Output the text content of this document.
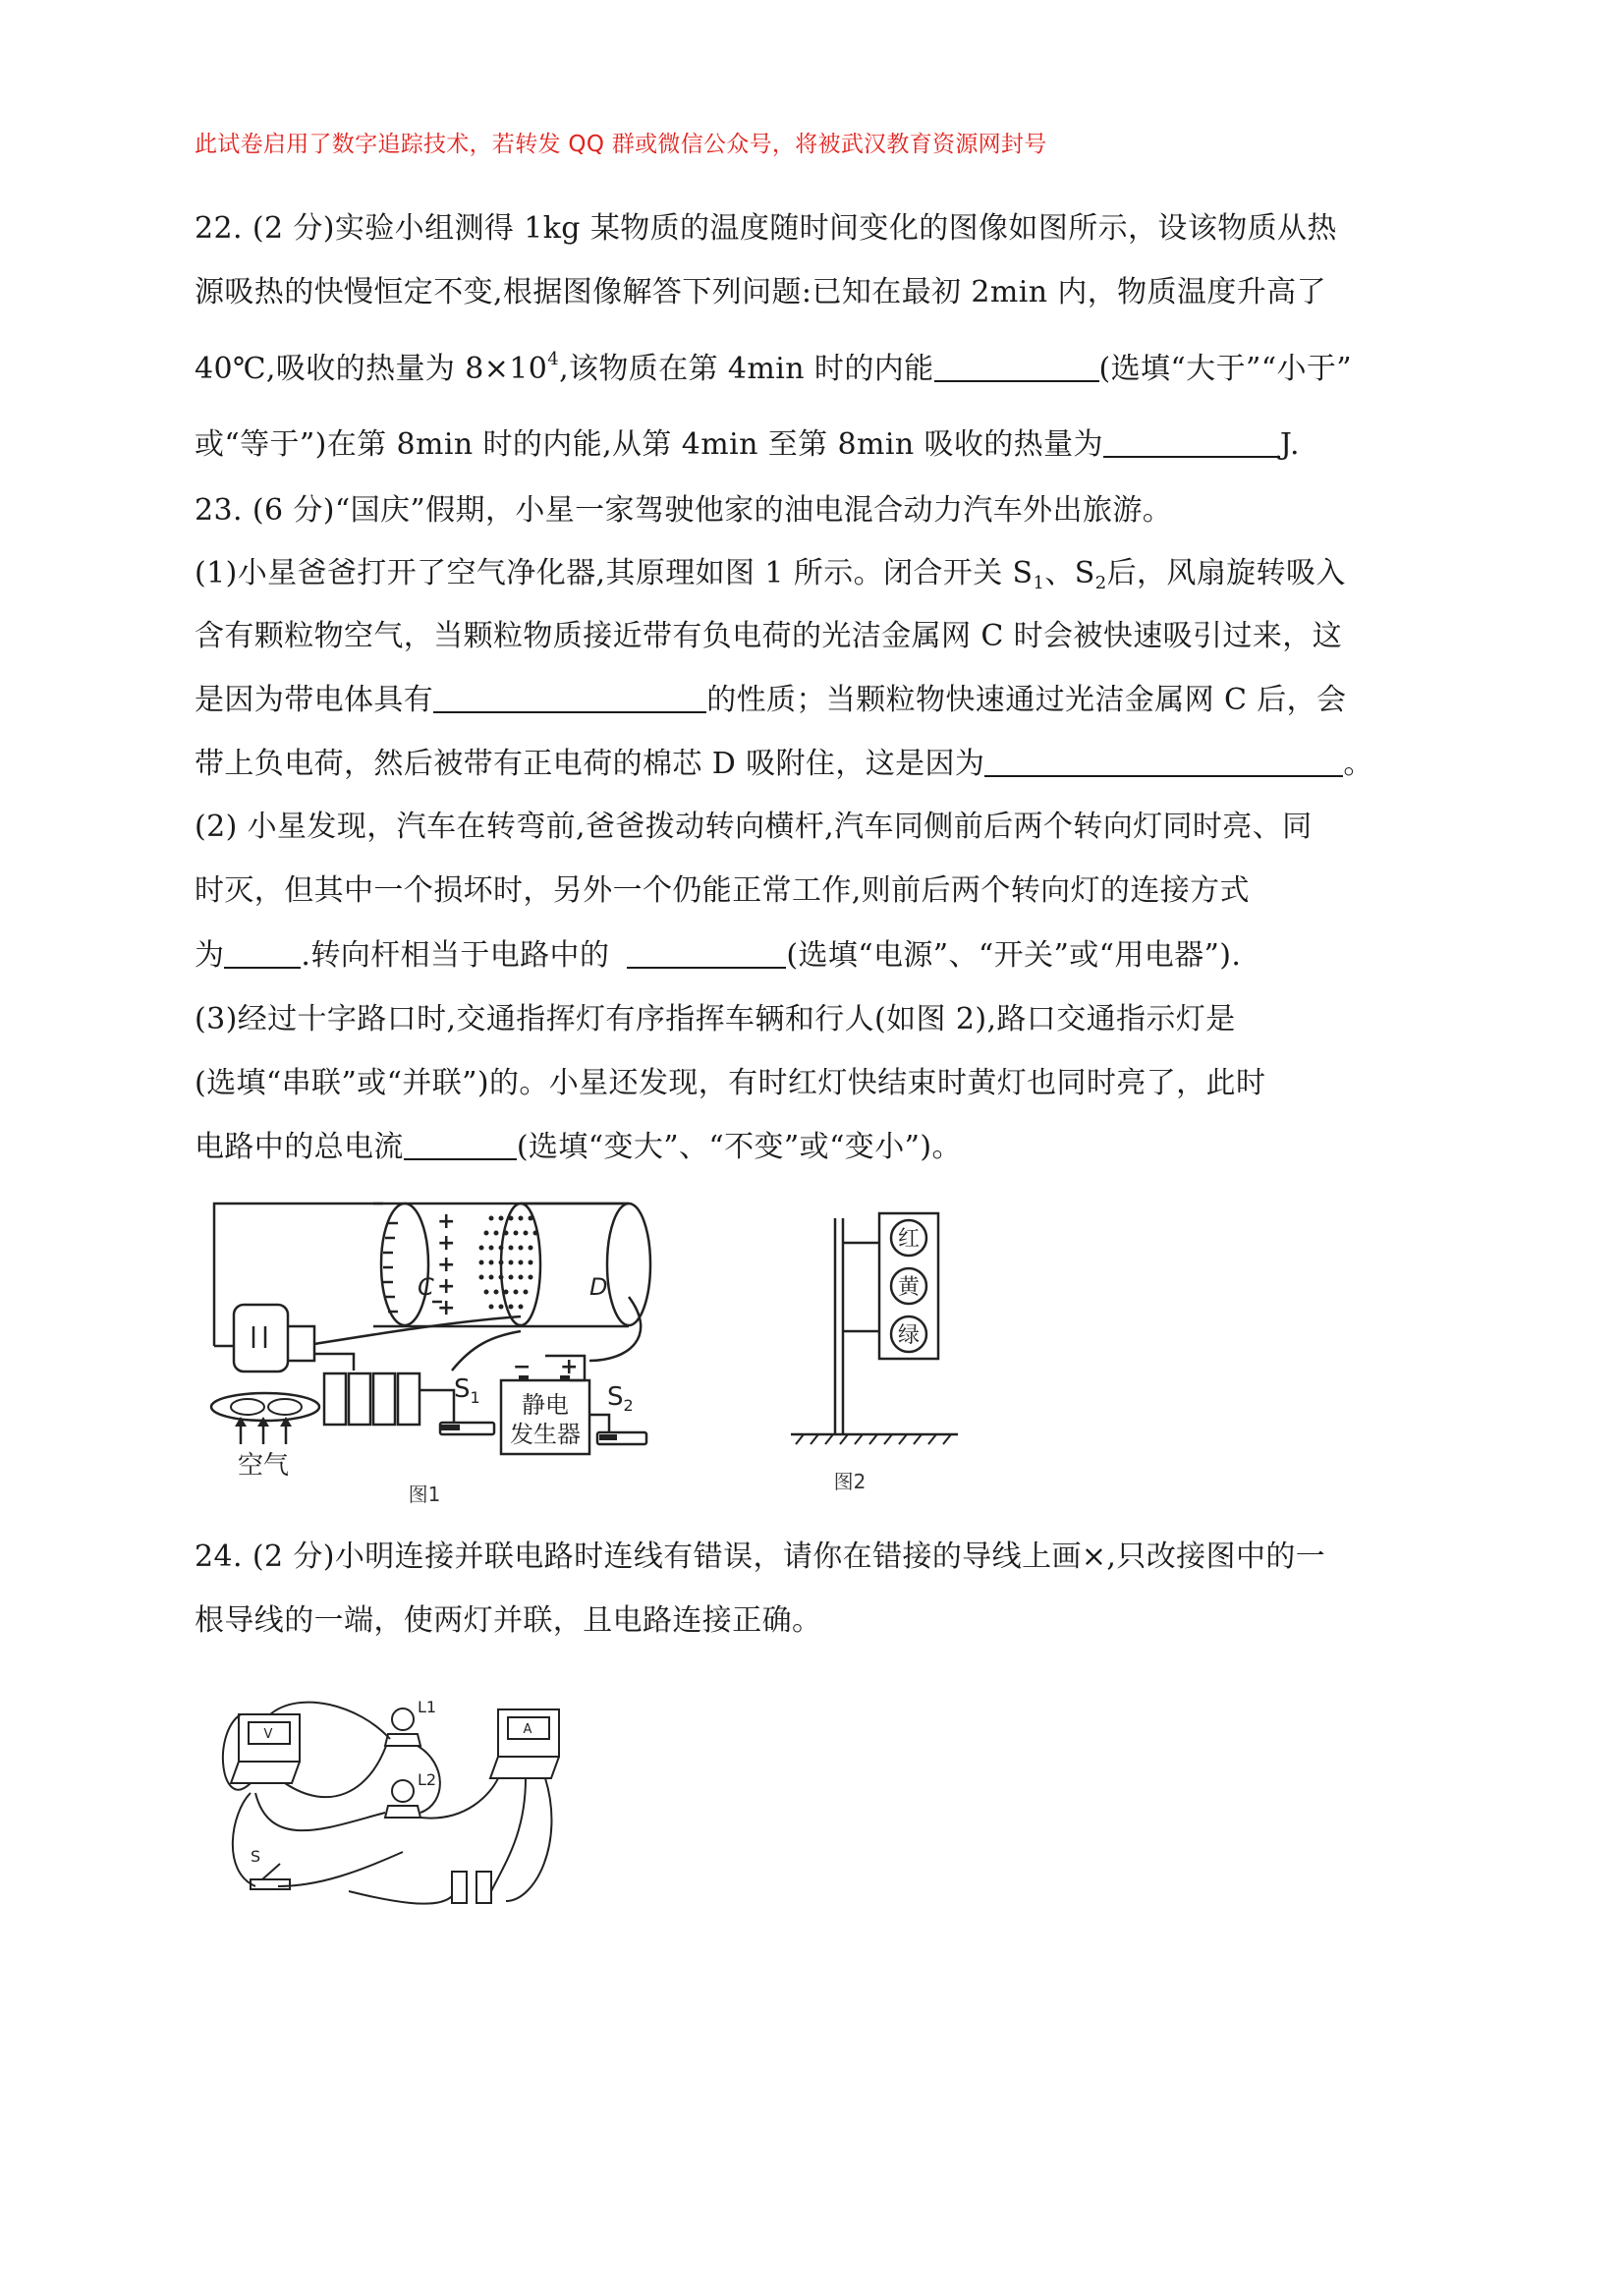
此试卷启用了数字追踪技术，若转发 QQ 群或微信公众号，将被武汉教育资源网封号
22. (2 分)实验小组测得 1kg 某物质的温度随时间变化的图像如图所示，设该物质从热
源吸热的快慢恒定不变,根据图像解答下列问题:已知在最初 2min 内，物质温度升高了
40℃,吸收的热量为 $8\times 10^4$,该物质在第 4min 时的内能	(选填“大于”“小于”
或“等于”)在第 8min 时的内能,从第 4min 至第 8min 吸收的热量为	J.
23. (6 分)“国庆”假期，小星一家驾驶他家的油电混合动力汽车外出旅游。
(1)小星爸爸打开了空气净化器,其原理如图 1 所示。闭合开关 $S_1$、$S_2$后，风扇旋转吸入
含有颗粒物空气，当颗粒物质接近带有负电荷的光洁金属网 C 时会被快速吸引过来，这
是因为带电体具有	的性质；当颗粒物快速通过光洁金属网 C 后，会
带上负电荷，然后被带有正电荷的棉芯 D 吸附住，这是因为	。
(2) 小星发现，汽车在转弯前,爸爸拨动转向横杆,汽车同侧前后两个转向灯同时亮、同
时灭，但其中一个损坏时，另外一个仍能正常工作,则前后两个转向灯的连接方式
为	.转向杆相当于电路中的	(选填“电源”、“开关”或“用电器”).
(3)经过十字路口时,交通指挥灯有序指挥车辆和行人(如图 2),路口交通指示灯是
(选填“串联”或“并联”)的。小星还发现，有时红灯快结束时黄灯也同时亮了，此时
电路中的总电流	(选填“变大”、“不变”或“变小”)。
+
+
+
+
+
− +
C	D
$S_1$	$S_2$
静电
发生器
空气
图1
红
黄
绿
图2
24. (2 分)小明连接并联电路时连线有错误，请你在错接的导线上画×,只改接图中的一
根导线的一端，使两灯并联，且电路连接正确。
V	A
L1
L2
S
